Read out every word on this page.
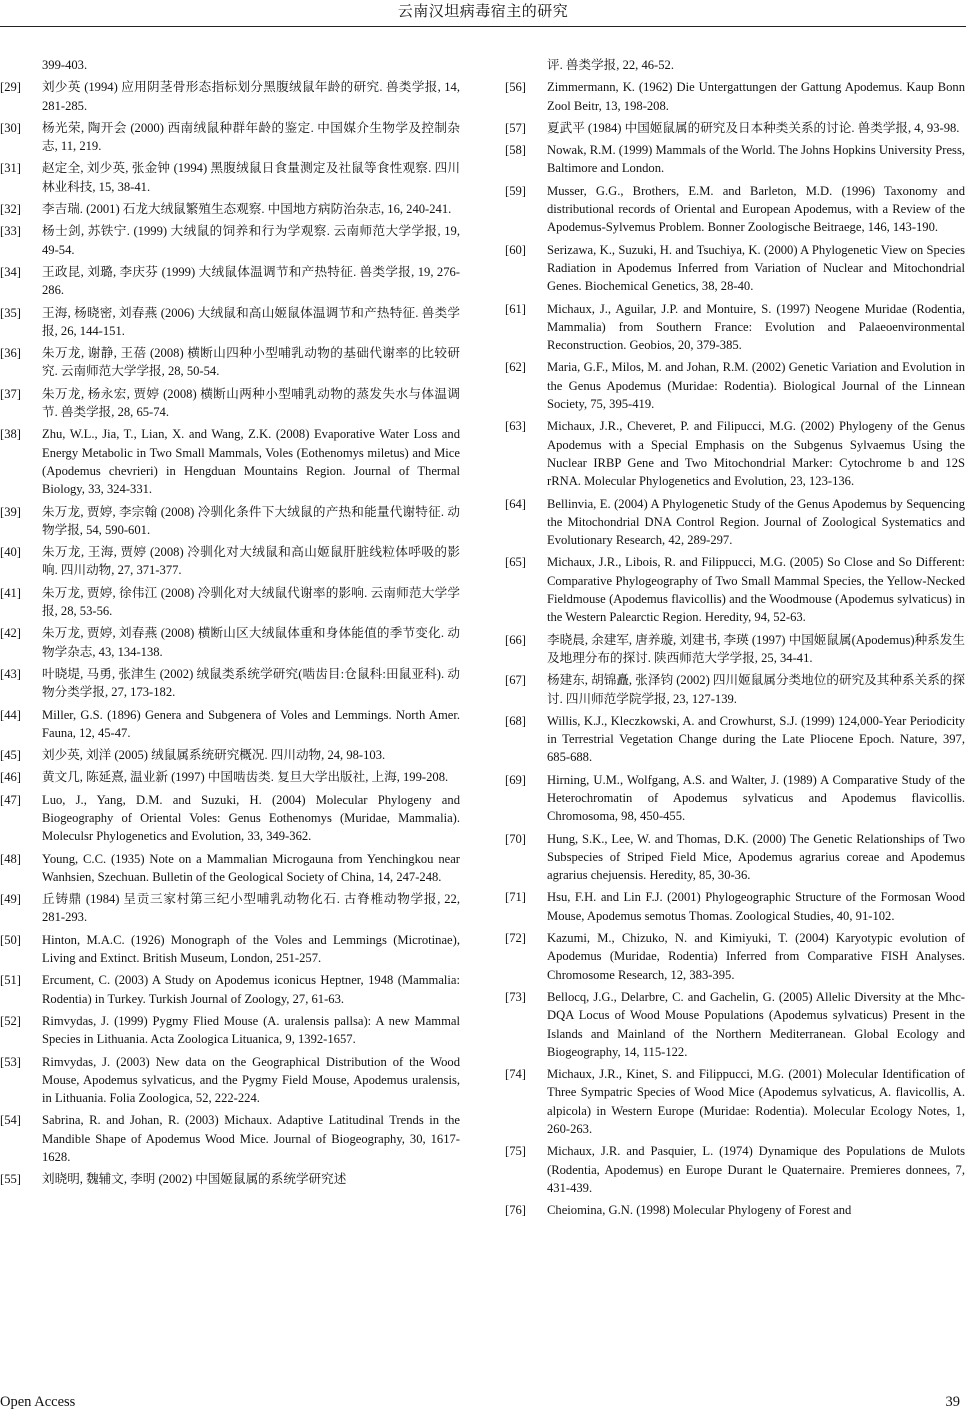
云南汉坦病毒宿主的研究
399-403.
[29] 刘少英 (1994) 应用阴茎骨形态指标划分黑腹绒鼠年龄的研究. 兽类学报, 14, 281-285.
[30] 杨光荣, 陶开会 (2000) 西南绒鼠种群年龄的鉴定. 中国媒介生物学及控制杂志, 11, 219.
[31] 赵定全, 刘少英, 张金钟 (1994) 黑腹绒鼠日食量测定及社鼠等食性观察. 四川林业科技, 15, 38-41.
[32] 李吉瑞. (2001) 石龙大绒鼠繁殖生态观察. 中国地方病防治杂志, 16, 240-241.
[33] 杨士剑, 苏铁宁. (1999) 大绒鼠的饲养和行为学观察. 云南师范大学学报, 19, 49-54.
[34] 王政昆, 刘璐, 李庆芬 (1999) 大绒鼠体温调节和产热特征. 兽类学报, 19, 276-286.
[35] 王海, 杨晓密, 刘春燕 (2006) 大绒鼠和高山姬鼠体温调节和产热特征. 兽类学报, 26, 144-151.
[36] 朱万龙, 谢静, 王蓓 (2008) 横断山四种小型哺乳动物的基础代谢率的比较研究. 云南师范大学学报, 28, 50-54.
[37] 朱万龙, 杨永宏, 贾婷 (2008) 横断山两种小型哺乳动物的蒸发失水与体温调节. 兽类学报, 28, 65-74.
[38] Zhu, W.L., Jia, T., Lian, X. and Wang, Z.K. (2008) Evaporative Water Loss and Energy Metabolic in Two Small Mammals, Voles (Eothenomys miletus) and Mice (Apodemus chevrieri) in Hengduan Mountains Region. Journal of Thermal Biology, 33, 324-331.
[39] 朱万龙, 贾婷, 李宗翰 (2008) 冷驯化条件下大绒鼠的产热和能量代谢特征. 动物学报, 54, 590-601.
[40] 朱万龙, 王海, 贾婷 (2008) 冷驯化对大绒鼠和高山姬鼠肝脏线粒体呼吸的影响. 四川动物, 27, 371-377.
[41] 朱万龙, 贾婷, 徐伟江 (2008) 冷驯化对大绒鼠代谢率的影响. 云南师范大学学报, 28, 53-56.
[42] 朱万龙, 贾婷, 刘春燕 (2008) 横断山区大绒鼠体重和身体能值的季节变化. 动物学杂志, 43, 134-138.
[43] 叶晓堤, 马勇, 张津生 (2002) 绒鼠类系统学研究(啮齿目:仓鼠科:田鼠亚科). 动物分类学报, 27, 173-182.
[44] Miller, G.S. (1896) Genera and Subgenera of Voles and Lemmings. North Amer. Fauna, 12, 45-47.
[45] 刘少英, 刘洋 (2005) 绒鼠属系统研究概况. 四川动物, 24, 98-103.
[46] 黄文几, 陈延熹, 温业新 (1997) 中国啮齿类. 复旦大学出版社, 上海, 199-208.
[47] Luo, J., Yang, D.M. and Suzuki, H. (2004) Molecular Phylogeny and Biogeography of Oriental Voles: Genus Eothenomys (Muridae, Mammalia). Moleculsr Phylogenetics and Evolution, 33, 349-362.
[48] Young, C.C. (1935) Note on a Mammalian Microgauna from Yenchingkou near Wanhsien, Szechuan. Bulletin of the Geological Society of China, 14, 247-248.
[49] 丘铸鼎 (1984) 呈贡三家村第三纪小型哺乳动物化石. 古脊椎动物学报, 22, 281-293.
[50] Hinton, M.A.C. (1926) Monograph of the Voles and Lemmings (Microtinae), Living and Extinct. British Museum, London, 251-257.
[51] Ercument, C. (2003) A Study on Apodemus iconicus Heptner, 1948 (Mammalia: Rodentia) in Turkey. Turkish Journal of Zoology, 27, 61-63.
[52] Rimvydas, J. (1999) Pygmy Flied Mouse (A. uralensis pallsa): A new Mammal Species in Lithuania. Acta Zoologica Lituanica, 9, 1392-1657.
[53] Rimvydas, J. (2003) New data on the Geographical Distribution of the Wood Mouse, Apodemus sylvaticus, and the Pygmy Field Mouse, Apodemus uralensis, in Lithuania. Folia Zoologica, 52, 222-224.
[54] Sabrina, R. and Johan, R. (2003) Michaux. Adaptive Latitudinal Trends in the Mandible Shape of Apodemus Wood Mice. Journal of Biogeography, 30, 1617-1628.
[55] 刘晓明, 魏辅文, 李明 (2002) 中国姬鼠属的系统学研究述
评. 兽类学报, 22, 46-52.
[56] Zimmermann, K. (1962) Die Untergattungen der Gattung Apodemus. Kaup Bonn Zool Beitr, 13, 198-208.
[57] 夏武平 (1984) 中国姬鼠属的研究及日本种类关系的讨论. 兽类学报, 4, 93-98.
[58] Nowak, R.M. (1999) Mammals of the World. The Johns Hopkins University Press, Baltimore and London.
[59] Musser, G.G., Brothers, E.M. and Barleton, M.D. (1996) Taxonomy and distributional records of Oriental and European Apodemus, with a Review of the Apodemus-Sylvemus Problem. Bonner Zoologische Beitraege, 146, 143-190.
[60] Serizawa, K., Suzuki, H. and Tsuchiya, K. (2000) A Phylogenetic View on Species Radiation in Apodemus Inferred from Variation of Nuclear and Mitochondrial Genes. Biochemical Genetics, 38, 28-40.
[61] Michaux, J., Aguilar, J.P. and Montuire, S. (1997) Neogene Muridae (Rodentia, Mammalia) from Southern France: Evolution and Palaeoenvironmental Reconstruction. Geobios, 20, 379-385.
[62] Maria, G.F., Milos, M. and Johan, R.M. (2002) Genetic Variation and Evolution in the Genus Apodemus (Muridae: Rodentia). Biological Journal of the Linnean Society, 75, 395-419.
[63] Michaux, J.R., Cheveret, P. and Filipucci, M.G. (2002) Phylogeny of the Genus Apodemus with a Special Emphasis on the Subgenus Sylvaemus Using the Nuclear IRBP Gene and Two Mitochondrial Marker: Cytochrome b and 12S rRNA. Molecular Phylogenetics and Evolution, 23, 123-136.
[64] Bellinvia, E. (2004) A Phylogenetic Study of the Genus Apodemus by Sequencing the Mitochondrial DNA Control Region. Journal of Zoological Systematics and Evolutionary Research, 42, 289-297.
[65] Michaux, J.R., Libois, R. and Filippucci, M.G. (2005) So Close and So Different: Comparative Phylogeography of Two Small Mammal Species, the Yellow-Necked Fieldmouse (Apodemus flavicollis) and the Woodmouse (Apodemus sylvaticus) in the Western Palearctic Region. Heredity, 94, 52-63.
[66] 李晓晨, 余建军, 唐养璇, 刘建书, 李瑛 (1997) 中国姬鼠属(Apodemus)种系发生及地理分布的探讨. 陕西师范大学学报, 25, 34-41.
[67] 杨建东, 胡锦矗, 张泽钧 (2002) 四川姬鼠属分类地位的研究及其种系关系的探讨. 四川师范学院学报, 23, 127-139.
[68] Willis, K.J., Kleczkowski, A. and Crowhurst, S.J. (1999) 124,000-Year Periodicity in Terrestrial Vegetation Change during the Late Pliocene Epoch. Nature, 397, 685-688.
[69] Hirning, U.M., Wolfgang, A.S. and Walter, J. (1989) A Comparative Study of the Heterochromatin of Apodemus sylvaticus and Apodemus flavicollis. Chromosoma, 98, 450-455.
[70] Hung, S.K., Lee, W. and Thomas, D.K. (2000) The Genetic Relationships of Two Subspecies of Striped Field Mice, Apodemus agrarius coreae and Apodemus agrarius chejuensis. Heredity, 85, 30-36.
[71] Hsu, F.H. and Lin F.J. (2001) Phylogeographic Structure of the Formosan Wood Mouse, Apodemus semotus Thomas. Zoological Studies, 40, 91-102.
[72] Kazumi, M., Chizuko, N. and Kimiyuki, T. (2004) Karyotypic evolution of Apodemus (Muridae, Rodentia) Inferred from Comparative FISH Analyses. Chromosome Research, 12, 383-395.
[73] Bellocq, J.G., Delarbre, C. and Gachelin, G. (2005) Allelic Diversity at the Mhc-DQA Locus of Wood Mouse Populations (Apodemus sylvaticus) Present in the Islands and Mainland of the Northern Mediterranean. Global Ecology and Biogeography, 14, 115-122.
[74] Michaux, J.R., Kinet, S. and Filippucci, M.G. (2001) Molecular Identification of Three Sympatric Species of Wood Mice (Apodemus sylvaticus, A. flavicollis, A. alpicola) in Western Europe (Muridae: Rodentia). Molecular Ecology Notes, 1, 260-263.
[75] Michaux, J.R. and Pasquier, L. (1974) Dynamique des Populations de Mulots (Rodentia, Apodemus) en Europe Durant le Quaternaire. Premieres donnees, 7, 431-439.
[76] Cheiomina, G.N. (1998) Molecular Phylogeny of Forest and
Open Access	39
